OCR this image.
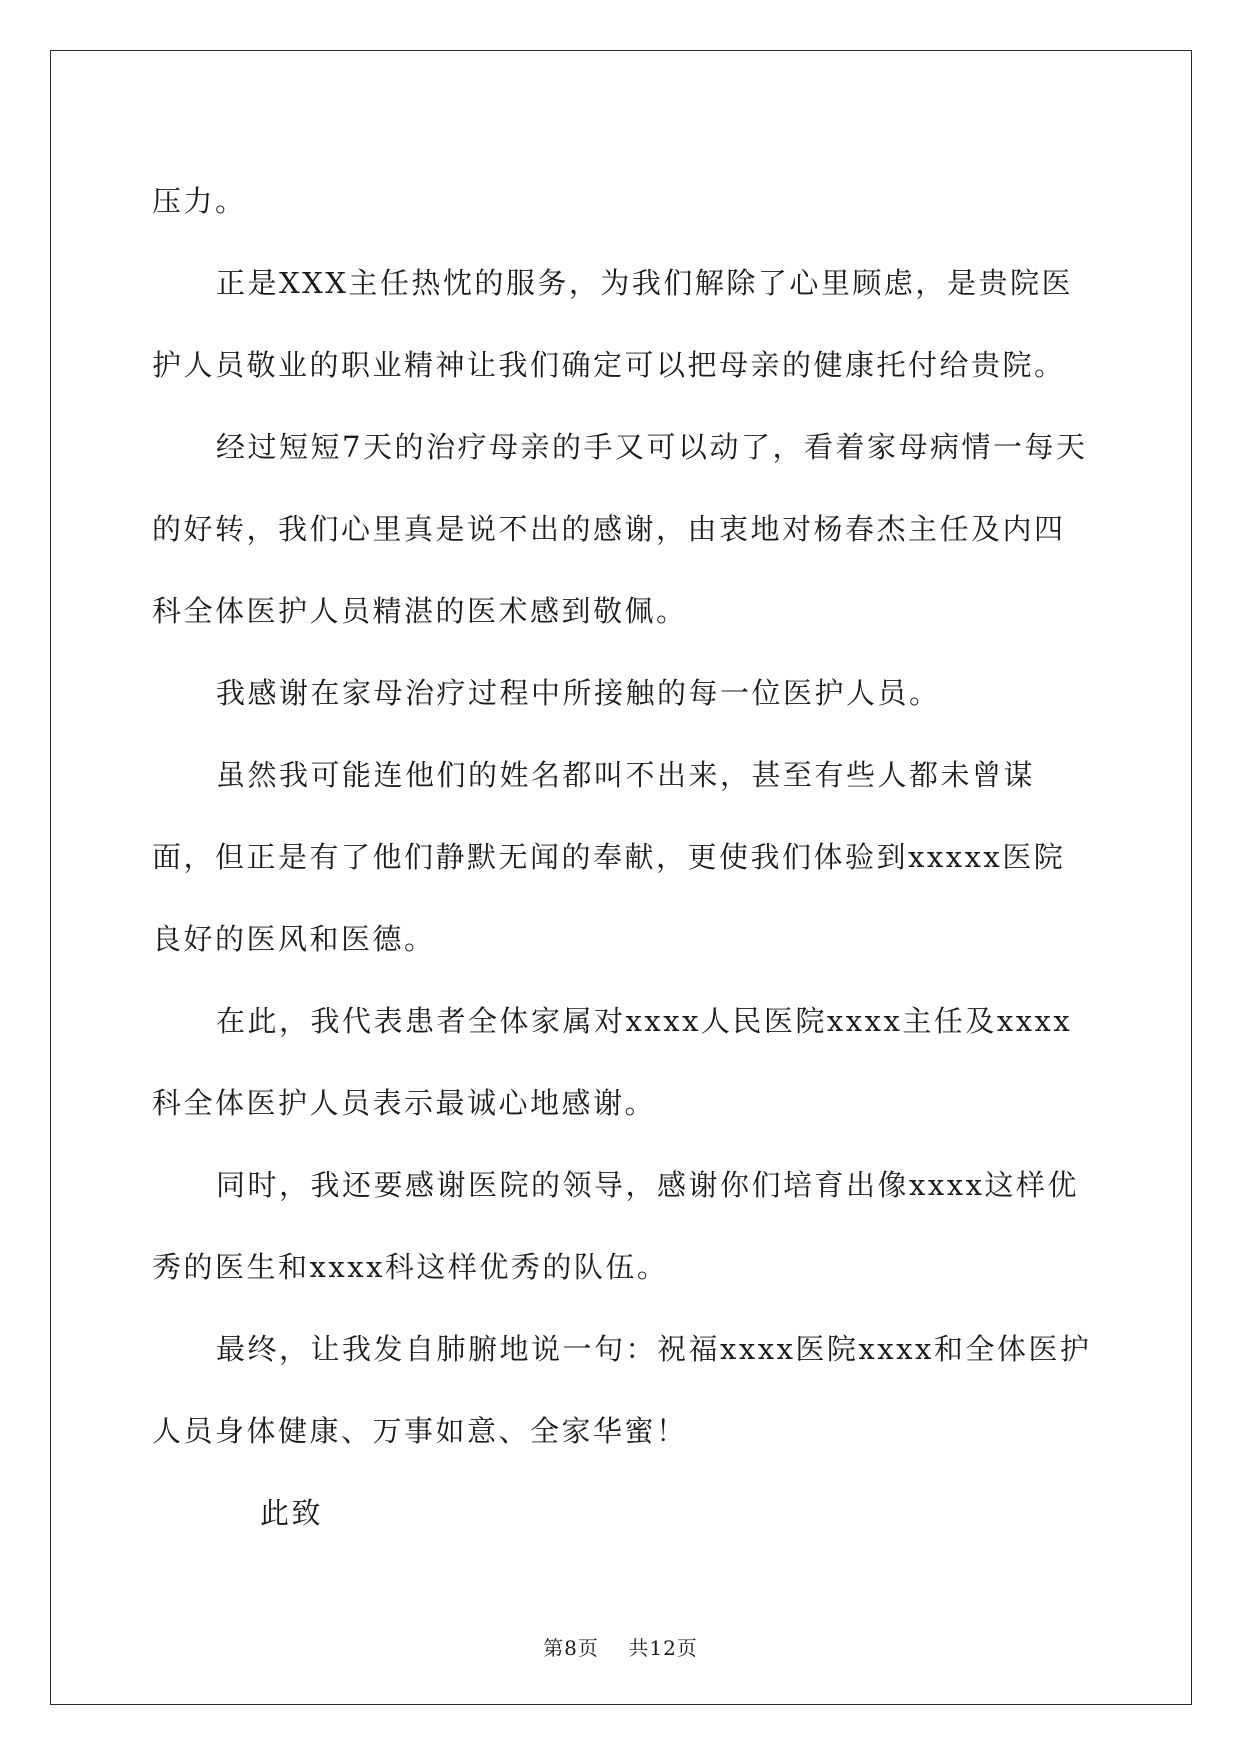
压力。

正是XXX主任热忱的服务，为我们解除了心里顾虑，是贵院医护人员敬业的职业精神让我们确定可以把母亲的健康托付给贵院。

经过短短7天的治疗母亲的手又可以动了，看着家母病情一每天的好转，我们心里真是说不出的感谢，由衷地对杨春杰主任及内四科全体医护人员精湛的医术感到敬佩。

我感谢在家母治疗过程中所接触的每一位医护人员。

虽然我可能连他们的姓名都叫不出来，甚至有些人都未曾谋面，但正是有了他们静默无闻的奉献，更使我们体验到xxxxx医院良好的医风和医德。

在此，我代表患者全体家属对xxxx人民医院xxxx主任及xxxx科全体医护人员表示最诚心地感谢。

同时，我还要感谢医院的领导，感谢你们培育出像xxxx这样优秀的医生和xxxx科这样优秀的队伍。

最终，让我发自肺腑地说一句：祝福xxxx医院xxxx和全体医护人员身体健康、万事如意、全家华蜜！

此致

第8页 共12页
